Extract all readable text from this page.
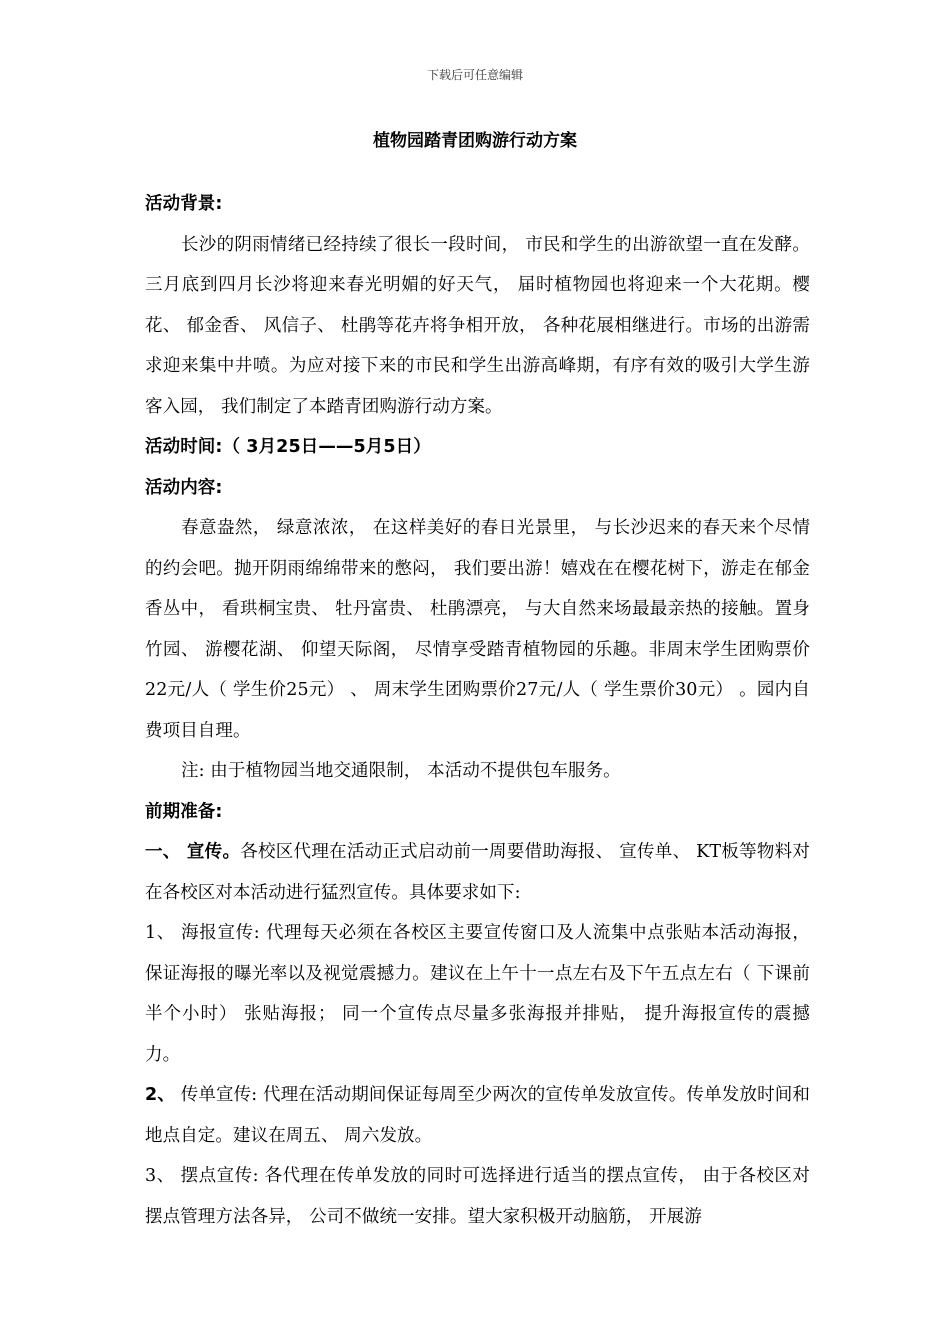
下载后可任意编辑
植物园踏青团购游行动方案

活动背景:

长沙的阴雨情绪已经持续了很长一段时间， 市民和学生的出游欲望一直在发酵。三月底到四月长沙将迎来春光明媚的好天气， 届时植物园也将迎来一个大花期。樱花、 郁金香、 风信子、 杜鹃等花卉将争相开放， 各种花展相继进行。市场的出游需求迎来集中井喷。为应对接下来的市民和学生出游高峰期，有序有效的吸引大学生游客入园， 我们制定了本踏青团购游行动方案。

活动时间:（ 3月25日——5月5日）

活动内容:

春意盎然， 绿意浓浓， 在这样美好的春日光景里， 与长沙迟来的春天来个尽情的约会吧。抛开阴雨绵绵带来的憋闷， 我们要出游！嬉戏在在樱花树下，游走在郁金香丛中， 看珙桐宝贵、 牡丹富贵、 杜鹃漂亮， 与大自然来场最最亲热的接触。置身竹园、 游樱花湖、 仰望天际阁， 尽情享受踏青植物园的乐趣。非周末学生团购票价22元/人（ 学生价25元） 、 周末学生团购票价27元/人（ 学生票价30元） 。园内自费项目自理。

注: 由于植物园当地交通限制， 本活动不提供包车服务。

前期准备:

一、 宣传。各校区代理在活动正式启动前一周要借助海报、 宣传单、 KT板等物料对在各校区对本活动进行猛烈宣传。具体要求如下:

1、 海报宣传: 代理每天必须在各校区主要宣传窗口及人流集中点张贴本活动海报， 保证海报的曝光率以及视觉震撼力。建议在上午十一点左右及下午五点左右（ 下课前半个小时） 张贴海报； 同一个宣传点尽量多张海报并排贴， 提升海报宣传的震撼力。

2、 传单宣传: 代理在活动期间保证每周至少两次的宣传单发放宣传。传单发放时间和地点自定。建议在周五、 周六发放。

3、 摆点宣传: 各代理在传单发放的同时可选择进行适当的摆点宣传， 由于各校区对摆点管理方法各异， 公司不做统一安排。望大家积极开动脑筋， 开展游
